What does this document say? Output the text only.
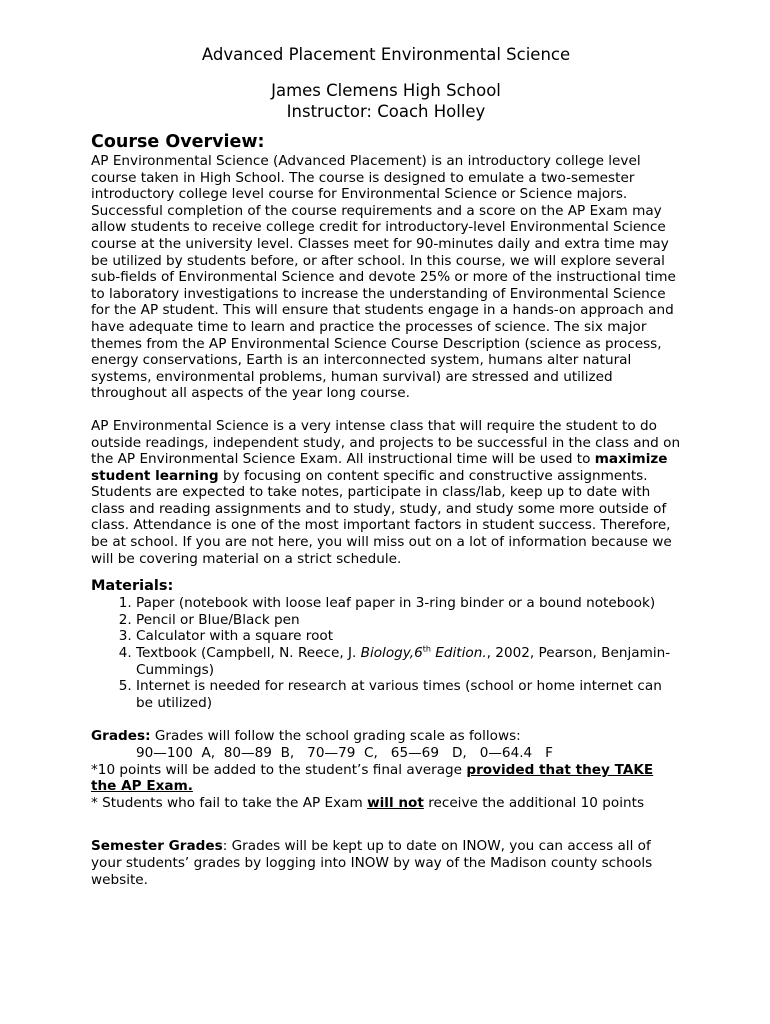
Advanced Placement Environmental Science
James Clemens High School
Instructor: Coach Holley
Course Overview:

AP Environmental Science (Advanced Placement) is an introductory college level course taken in High School. The course is designed to emulate a two-semester introductory college level course for Environmental Science or Science majors. Successful completion of the course requirements and a score on the AP Exam may allow students to receive college credit for introductory-level Environmental Science course at the university level. Classes meet for 90-minutes daily and extra time may be utilized by students before, or after school. In this course, we will explore several sub-fields of Environmental Science and devote 25% or more of the instructional time to laboratory investigations to increase the understanding of Environmental Science for the AP student. This will ensure that students engage in a hands-on approach and have adequate time to learn and practice the processes of science. The six major themes from the AP Environmental Science Course Description (science as process, energy conservations, Earth is an interconnected system, humans alter natural systems, environmental problems, human survival) are stressed and utilized throughout all aspects of the year long course.

AP Environmental Science is a very intense class that will require the student to do outside readings, independent study, and projects to be successful in the class and on the AP Environmental Science Exam. All instructional time will be used to maximize student learning by focusing on content specific and constructive assignments. Students are expected to take notes, participate in class/lab, keep up to date with class and reading assignments and to study, study, and study some more outside of class. Attendance is one of the most important factors in student success. Therefore, be at school. If you are not here, you will miss out on a lot of information because we will be covering material on a strict schedule.

Materials:
1. Paper (notebook with loose leaf paper in 3-ring binder or a bound notebook)
2. Pencil or Blue/Black pen
3. Calculator with a square root
4. Textbook (Campbell, N. Reece, J. Biology,6th Edition., 2002, Pearson, Benjamin-Cummings)
5. Internet is needed for research at various times (school or home internet can be utilized)
Grades: Grades will follow the school grading scale as follows:
90—100  A,  80—89  B,   70—79  C,   65—69   D,   0—64.4   F
*10 points will be added to the student’s final average provided that they TAKE the AP Exam.
* Students who fail to take the AP Exam will not receive the additional 10 points
Semester Grades: Grades will be kept up to date on INOW, you can access all of your students’ grades by logging into INOW by way of the Madison county schools website.
